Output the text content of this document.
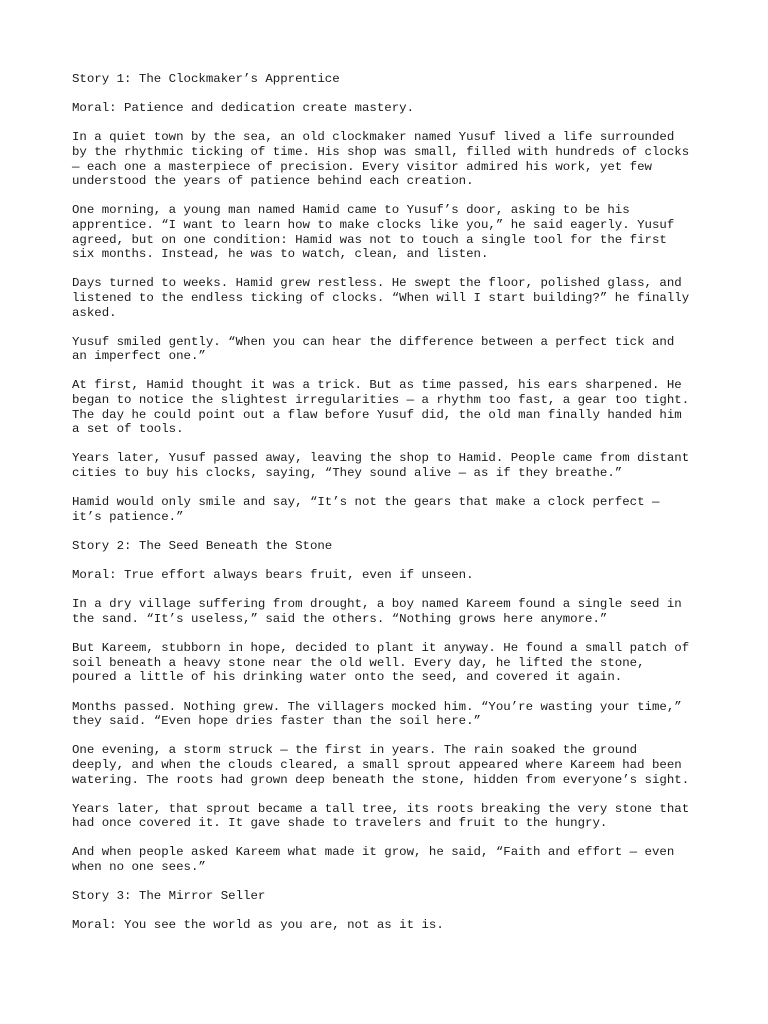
Story 1: The Clockmaker’s Apprentice
Moral: Patience and dedication create mastery.
In a quiet town by the sea, an old clockmaker named Yusuf lived a life surrounded
by the rhythmic ticking of time. His shop was small, filled with hundreds of clocks
— each one a masterpiece of precision. Every visitor admired his work, yet few
understood the years of patience behind each creation.
One morning, a young man named Hamid came to Yusuf’s door, asking to be his
apprentice. “I want to learn how to make clocks like you,” he said eagerly. Yusuf
agreed, but on one condition: Hamid was not to touch a single tool for the first
six months. Instead, he was to watch, clean, and listen.
Days turned to weeks. Hamid grew restless. He swept the floor, polished glass, and
listened to the endless ticking of clocks. “When will I start building?” he finally
asked.
Yusuf smiled gently. “When you can hear the difference between a perfect tick and
an imperfect one.”
At first, Hamid thought it was a trick. But as time passed, his ears sharpened. He
began to notice the slightest irregularities — a rhythm too fast, a gear too tight.
The day he could point out a flaw before Yusuf did, the old man finally handed him
a set of tools.
Years later, Yusuf passed away, leaving the shop to Hamid. People came from distant
cities to buy his clocks, saying, “They sound alive — as if they breathe.”
Hamid would only smile and say, “It’s not the gears that make a clock perfect —
it’s patience.”
Story 2: The Seed Beneath the Stone
Moral: True effort always bears fruit, even if unseen.
In a dry village suffering from drought, a boy named Kareem found a single seed in
the sand. “It’s useless,” said the others. “Nothing grows here anymore.”
But Kareem, stubborn in hope, decided to plant it anyway. He found a small patch of
soil beneath a heavy stone near the old well. Every day, he lifted the stone,
poured a little of his drinking water onto the seed, and covered it again.
Months passed. Nothing grew. The villagers mocked him. “You’re wasting your time,”
they said. “Even hope dries faster than the soil here.”
One evening, a storm struck — the first in years. The rain soaked the ground
deeply, and when the clouds cleared, a small sprout appeared where Kareem had been
watering. The roots had grown deep beneath the stone, hidden from everyone’s sight.
Years later, that sprout became a tall tree, its roots breaking the very stone that
had once covered it. It gave shade to travelers and fruit to the hungry.
And when people asked Kareem what made it grow, he said, “Faith and effort — even
when no one sees.”
Story 3: The Mirror Seller
Moral: You see the world as you are, not as it is.
